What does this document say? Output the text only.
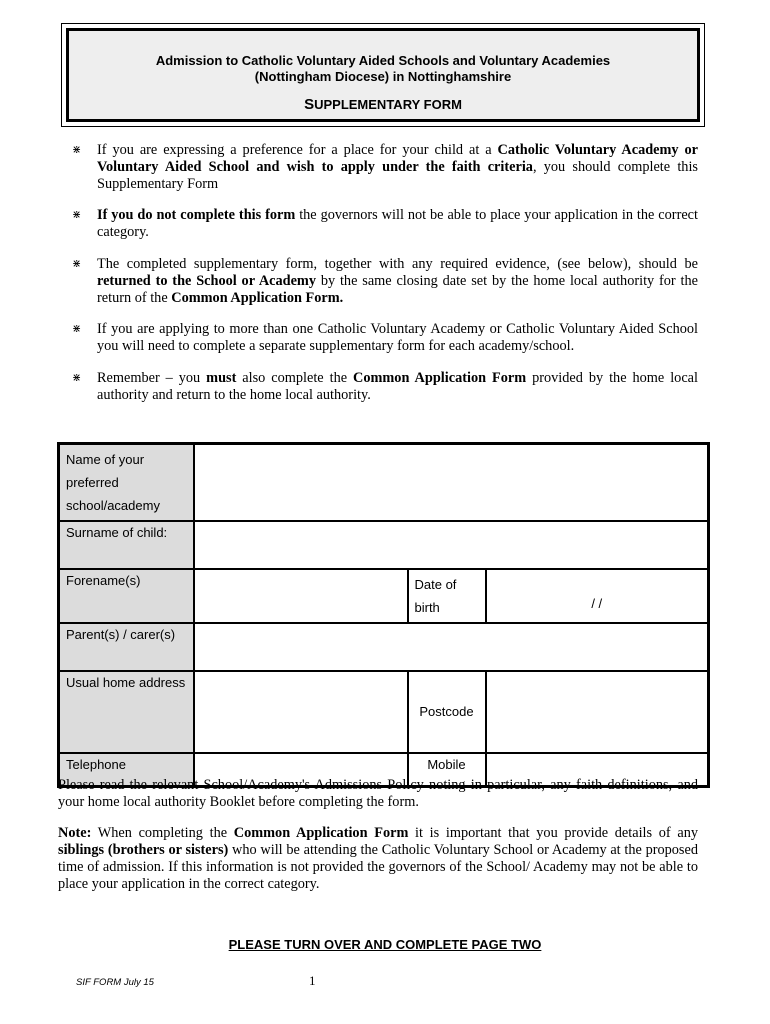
Admission to Catholic Voluntary Aided Schools and Voluntary Academies
(Nottingham Diocese) in Nottinghamshire
SUPPLEMENTARY FORM
⋇ If you are expressing a preference for a place for your child at a Catholic Voluntary Academy or Voluntary Aided School and wish to apply under the faith criteria, you should complete this Supplementary Form
⋇ If you do not complete this form the governors will not be able to place your application in the correct category.
⋇ The completed supplementary form, together with any required evidence, (see below), should be returned to the School or Academy by the same closing date set by the home local authority for the return of the Common Application Form.
⋇ If you are applying to more than one Catholic Voluntary Academy or Catholic Voluntary Aided School you will need to complete a separate supplementary form for each academy/school.
⋇ Remember – you must also complete the Common Application Form provided by the home local authority and return to the home local authority.
Name of your preferred school/academy			
Surname of child:			
Forename(s)		Date of birth	/ /
Parent(s) / carer(s)			
Usual home address		Postcode	
Telephone		Mobile	

Please read the relevant School/Academy's Admissions Policy noting in particular, any faith definitions, and your home local authority Booklet before completing the form.

Note: When completing the Common Application Form it is important that you provide details of any siblings (brothers or sisters) who will be attending the Catholic Voluntary School or Academy at the proposed time of admission. If this information is not provided the governors of the School/ Academy may not be able to place your application in the correct category.

PLEASE TURN OVER AND COMPLETE PAGE TWO
SIF FORM July 15	1
